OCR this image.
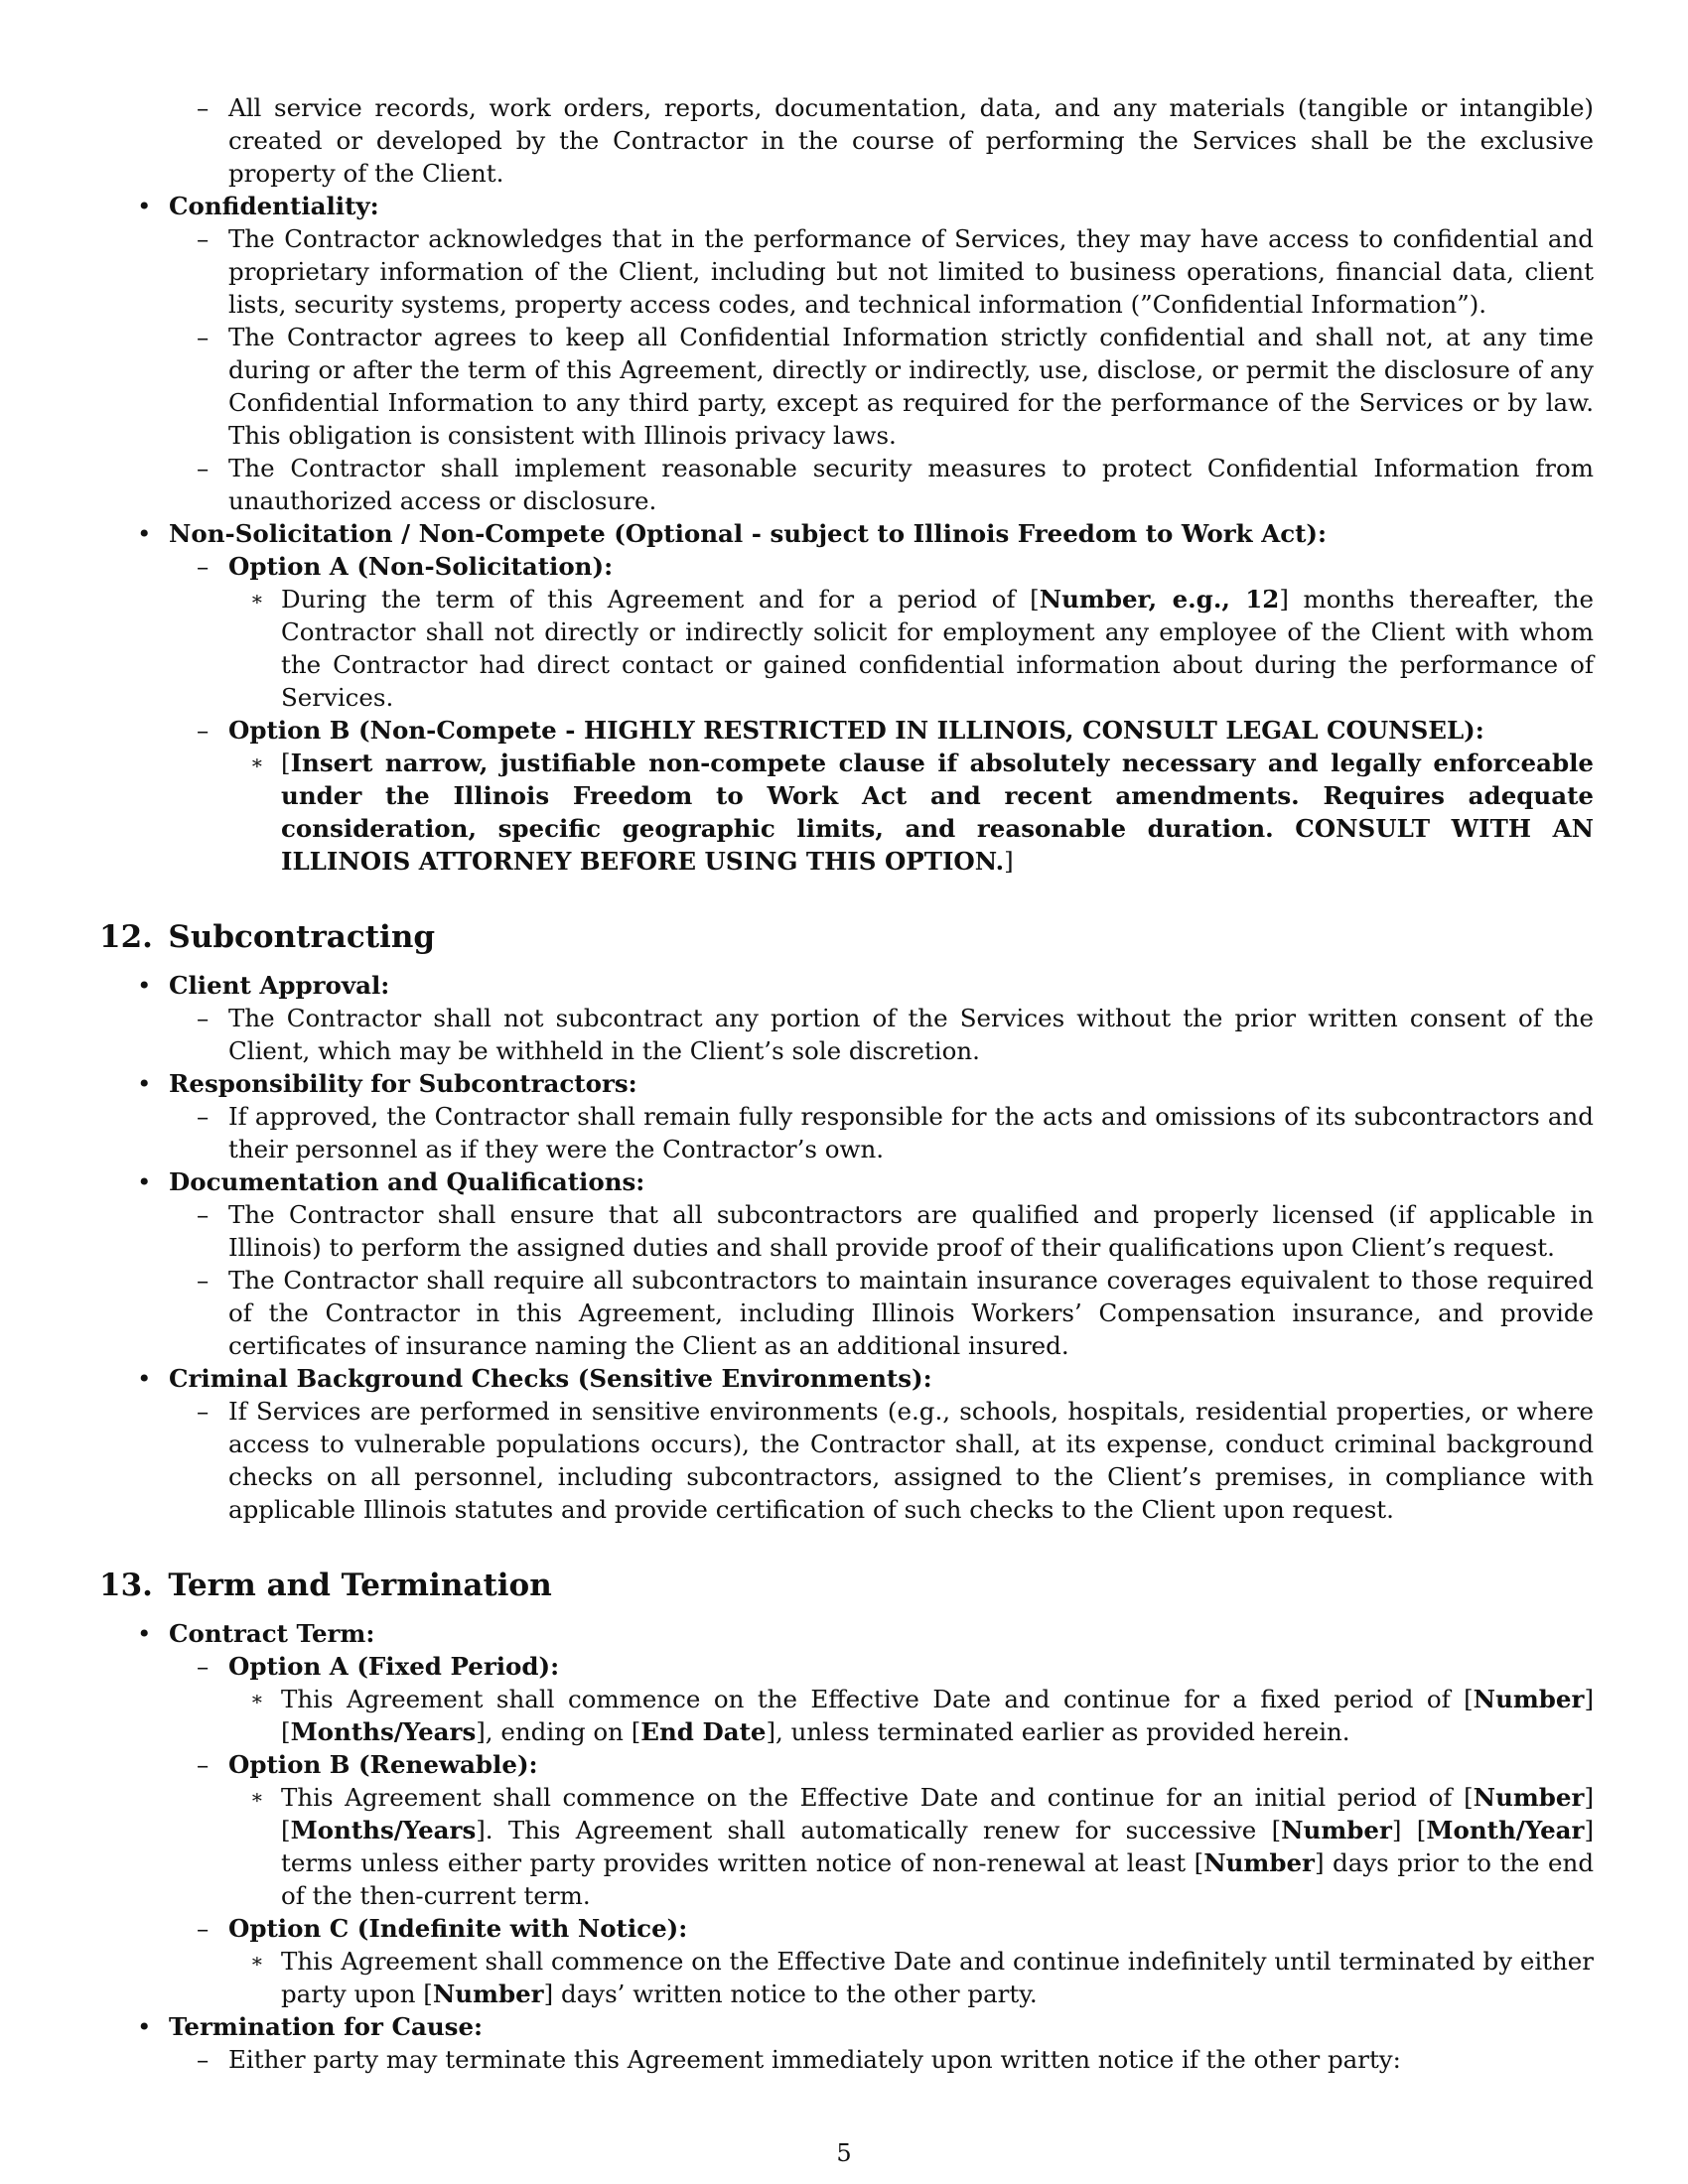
– All service records, work orders, reports, documentation, data, and any materials (tangible or intangible) created or developed by the Contractor in the course of performing the Services shall be the exclusive property of the Client.
• Confidentiality:
– The Contractor acknowledges that in the performance of Services, they may have access to confidential and proprietary information of the Client, including but not limited to business operations, financial data, client lists, security systems, property access codes, and technical information (”Confidential Information”).
– The Contractor agrees to keep all Confidential Information strictly confidential and shall not, at any time during or after the term of this Agreement, directly or indirectly, use, disclose, or permit the disclosure of any Confidential Information to any third party, except as required for the performance of the Services or by law. This obligation is consistent with Illinois privacy laws.
– The Contractor shall implement reasonable security measures to protect Confidential Information from unauthorized access or disclosure.
• Non-Solicitation / Non-Compete (Optional - subject to Illinois Freedom to Work Act):
– Option A (Non-Solicitation):
∗ During the term of this Agreement and for a period of [Number, e.g., 12] months thereafter, the Contractor shall not directly or indirectly solicit for employment any employee of the Client with whom the Contractor had direct contact or gained confidential information about during the performance of Services.
– Option B (Non-Compete - HIGHLY RESTRICTED IN ILLINOIS, CONSULT LEGAL COUNSEL):
∗ [Insert narrow, justifiable non-compete clause if absolutely necessary and legally enforceable under the Illinois Freedom to Work Act and recent amendments. Requires adequate consideration, specific geographic limits, and reasonable duration. CONSULT WITH AN ILLINOIS ATTORNEY BEFORE USING THIS OPTION.]
12. Subcontracting
• Client Approval:
– The Contractor shall not subcontract any portion of the Services without the prior written consent of the Client, which may be withheld in the Client’s sole discretion.
• Responsibility for Subcontractors:
– If approved, the Contractor shall remain fully responsible for the acts and omissions of its subcontractors and their personnel as if they were the Contractor’s own.
• Documentation and Qualifications:
– The Contractor shall ensure that all subcontractors are qualified and properly licensed (if applicable in Illinois) to perform the assigned duties and shall provide proof of their qualifications upon Client’s request.
– The Contractor shall require all subcontractors to maintain insurance coverages equivalent to those required of the Contractor in this Agreement, including Illinois Workers’ Compensation insurance, and provide certificates of insurance naming the Client as an additional insured.
• Criminal Background Checks (Sensitive Environments):
– If Services are performed in sensitive environments (e.g., schools, hospitals, residential properties, or where access to vulnerable populations occurs), the Contractor shall, at its expense, conduct criminal background checks on all personnel, including subcontractors, assigned to the Client’s premises, in compliance with applicable Illinois statutes and provide certification of such checks to the Client upon request.
13. Term and Termination
• Contract Term:
– Option A (Fixed Period):
∗ This Agreement shall commence on the Effective Date and continue for a fixed period of [Number] [Months/Years], ending on [End Date], unless terminated earlier as provided herein.
– Option B (Renewable):
∗ This Agreement shall commence on the Effective Date and continue for an initial period of [Number] [Months/Years]. This Agreement shall automatically renew for successive [Number] [Month/Year] terms unless either party provides written notice of non-renewal at least [Number] days prior to the end of the then-current term.
– Option C (Indefinite with Notice):
∗ This Agreement shall commence on the Effective Date and continue indefinitely until terminated by either party upon [Number] days’ written notice to the other party.
• Termination for Cause:
– Either party may terminate this Agreement immediately upon written notice if the other party:
5
